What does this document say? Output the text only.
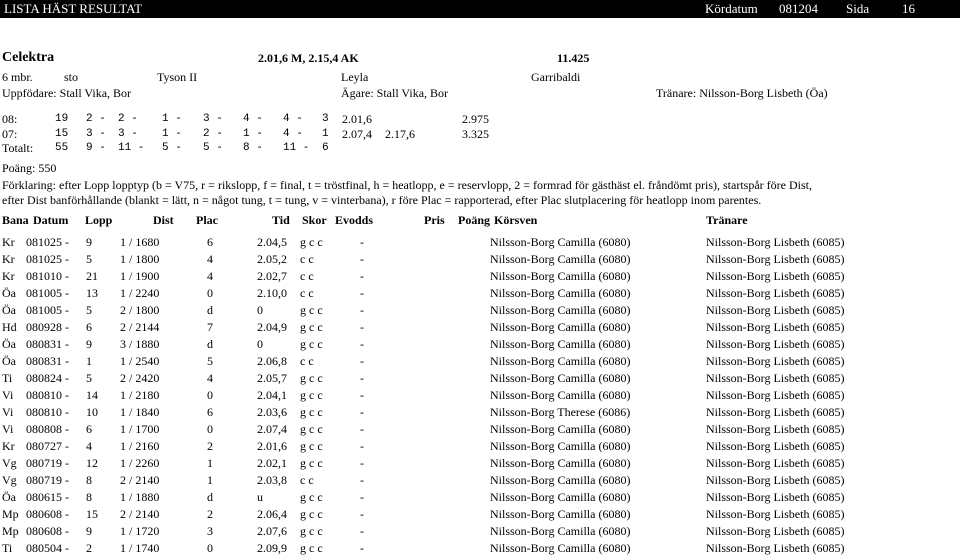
LISTA HÄST RESULTAT	Kördatum 081204 Sida	16
Celektra	2.01,6 M, 2.15,4 AK	11.425
6 mbr.	sto	Tyson II	Leyla	Garribaldi
Uppfödare: Stall Vika, Bor	Ägare: Stall Vika, Bor	Tränare: Nilsson-Borg Lisbeth (Öa)
08:	19 2 - 2 - 1 - 3 - 4 - 4 - 3 2.01,6	2.975
07:	15 3 - 3 - 1 - 2 - 1 - 4 - 1 2.07,4 2.17,6	3.325
Totalt: 55 9 - 11 - 5 - 5 - 8 - 11 - 6
Poäng: 550
Förklaring: efter Lopp lopptyp (b = V75, r = rikslopp, f = final, t = tröstfinal, h = heatlopp, e = reservlopp, 2 = formrad för gästhäst el. fråndömt pris), startspår före Dist,
efter Dist banförhållande (blankt = lätt, n = något tung, t = tung, v = vinterbana), r före Plac = rapporterad, efter Plac slutplacering för heatlopp inom parentes.
Bana Datum Lopp	Dist Plac	Tid Skor Evodds	Pris Poäng Körsven	Tränare
Kr 081025 - 9 1 / 1680	6	2.04,5 g c c	-	Nilsson-Borg Camilla (6080)	Nilsson-Borg Lisbeth (6085)
Kr 081025 - 5 1 / 1800	4	2.05,2 c c	-	Nilsson-Borg Camilla (6080)	Nilsson-Borg Lisbeth (6085)
Kr 081010 - 21 1 / 1900	4	2.02,7 c c	-	Nilsson-Borg Camilla (6080)	Nilsson-Borg Lisbeth (6085)
Öa 081005 - 13 1 / 2240	0	2.10,0 c c	-	Nilsson-Borg Camilla (6080)	Nilsson-Borg Lisbeth (6085)
Öa 081005 - 5 2 / 1800	d	0	g c c	-	Nilsson-Borg Camilla (6080)	Nilsson-Borg Lisbeth (6085)
Hd 080928 - 6 2 / 2144	7	2.04,9 g c c	-	Nilsson-Borg Camilla (6080)	Nilsson-Borg Lisbeth (6085)
Öa 080831 - 9 3 / 1880	d	0	g c c	-	Nilsson-Borg Camilla (6080)	Nilsson-Borg Lisbeth (6085)
Öa 080831 - 1 1 / 2540	5	2.06,8 c c	-	Nilsson-Borg Camilla (6080)	Nilsson-Borg Lisbeth (6085)
Ti 080824 - 5 2 / 2420	4	2.05,7 g c c	-	Nilsson-Borg Camilla (6080)	Nilsson-Borg Lisbeth (6085)
Vi 080810 - 14 1 / 2180	0	2.04,1 g c c	-	Nilsson-Borg Camilla (6080)	Nilsson-Borg Lisbeth (6085)
Vi 080810 - 10 1 / 1840	6	2.03,6 g c c	-	Nilsson-Borg Therese (6086)	Nilsson-Borg Lisbeth (6085)
Vi 080808 - 6 1 / 1700	0	2.07,4 g c c	-	Nilsson-Borg Camilla (6080)	Nilsson-Borg Lisbeth (6085)
Kr 080727 - 4 1 / 2160	2	2.01,6 g c c	-	Nilsson-Borg Camilla (6080)	Nilsson-Borg Lisbeth (6085)
Vg 080719 - 12 1 / 2260	1	2.02,1 g c c	-	Nilsson-Borg Camilla (6080)	Nilsson-Borg Lisbeth (6085)
Vg 080719 - 8 2 / 2140	1	2.03,8 c c	-	Nilsson-Borg Camilla (6080)	Nilsson-Borg Lisbeth (6085)
Öa 080615 - 8 1 / 1880	d	u	g c c	-	Nilsson-Borg Camilla (6080)	Nilsson-Borg Lisbeth (6085)
Mp 080608 - 15 2 / 2140	2	2.06,4 g c c	-	Nilsson-Borg Camilla (6080)	Nilsson-Borg Lisbeth (6085)
Mp 080608 - 9 1 / 1720	3	2.07,6 g c c	-	Nilsson-Borg Camilla (6080)	Nilsson-Borg Lisbeth (6085)
Ti 080504 - 2 1 / 1740	0	2.09,9 g c c	-	Nilsson-Borg Camilla (6080)	Nilsson-Borg Lisbeth (6085)
